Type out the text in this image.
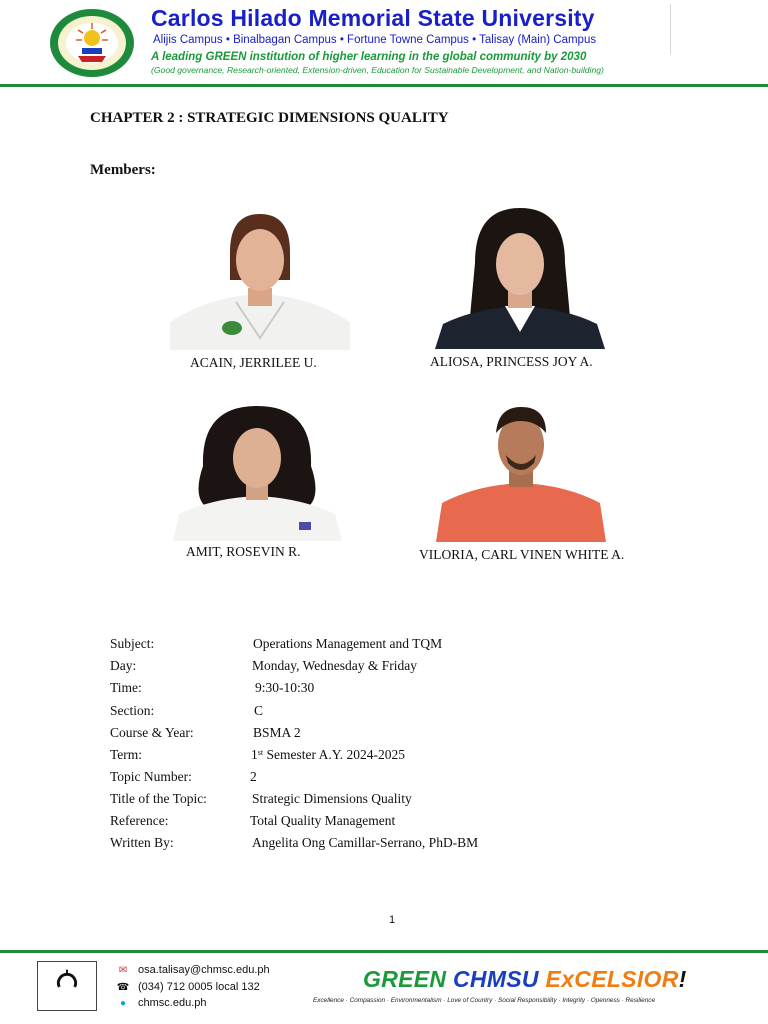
Carlos Hilado Memorial State University
Alijis Campus • Binalbagan Campus • Fortune Towne Campus • Talisay (Main) Campus
A leading GREEN institution of higher learning in the global community by 2030
(Good governance, Research-oriented, Extension-driven, Education for Sustainable Development, and Nation-building)
CHAPTER 2 : STRATEGIC DIMENSIONS QUALITY
Members:
ACAIN, JERRILEE U.	ALIOSA, PRINCESS JOY A.
AMIT, ROSEVIN R.	VILORIA, CARL VINEN WHITE A.
Subject:	Operations Management and TQM
Day:	Monday, Wednesday & Friday
Time:	9:30-10:30
Section:	C
Course & Year:	BSMA 2
Term:	1st Semester A.Y. 2024-2025
Topic Number:	2
Title of the Topic:	Strategic Dimensions Quality
Reference:	Total Quality Management
Written By:	Angelita Ong Camillar-Serrano, PhD-BM
1
✉ osa.talisay@chmsc.edu.ph
☎ (034) 712 0005 local 132
● chmsc.edu.ph
GREEN CHMSU ExCELSIOR!
Excellence · Compassion · Environmentalism · Love of Country · Social Responsibility · Integrity · Openness · Resilience
